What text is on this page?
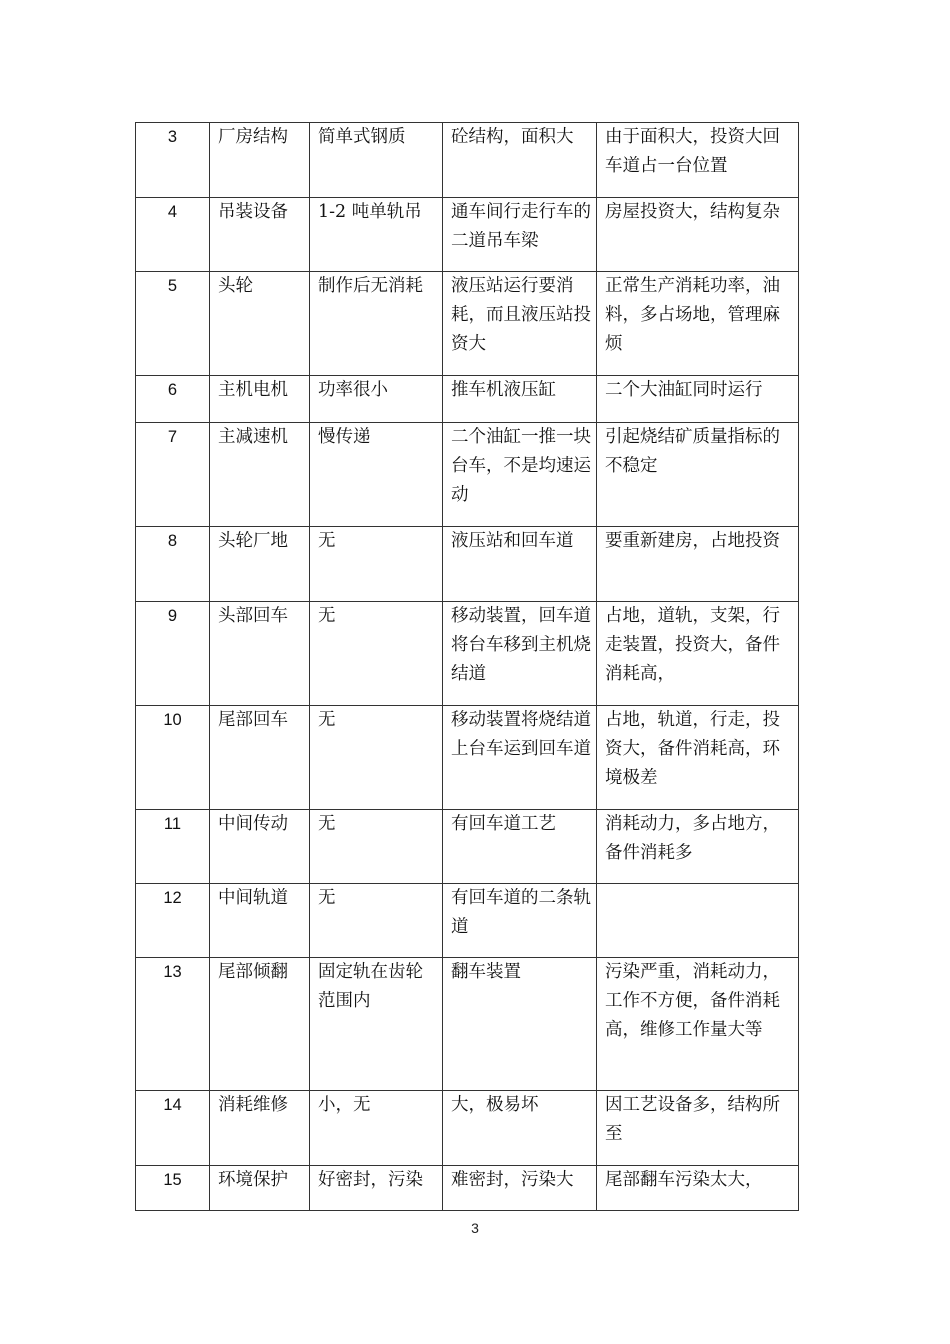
3	厂房结构	简单式钢质	砼结构，面积大	由于面积大，投资大回车道占一台位置
4	吊装设备	1-2 吨单轨吊	通车间行走行车的二道吊车梁	房屋投资大，结构复杂
5	头轮	制作后无消耗	液压站运行要消耗，而且液压站投资大	正常生产消耗功率，油料，多占场地，管理麻烦
6	主机电机	功率很小	推车机液压缸	二个大油缸同时运行
7	主减速机	慢传递	二个油缸一推一块台车，不是均速运动	引起烧结矿质量指标的不稳定
8	头轮厂地	无	液压站和回车道	要重新建房，占地投资
9	头部回车	无	移动装置，回车道将台车移到主机烧结道	占地，道轨，支架，行走装置，投资大，备件消耗高，
10	尾部回车	无	移动装置将烧结道上台车运到回车道	占地，轨道，行走，投资大，备件消耗高，环境极差
11	中间传动	无	有回车道工艺	消耗动力，多占地方，备件消耗多
12	中间轨道	无	有回车道的二条轨道	
13	尾部倾翻	固定轨在齿轮范围内	翻车装置	污染严重，消耗动力，工作不方便，备件消耗高，维修工作量大等
14	消耗维修	小，无	大，极易坏	因工艺设备多，结构所至
15	环境保护	好密封，污染	难密封，污染大	尾部翻车污染太大，
3
